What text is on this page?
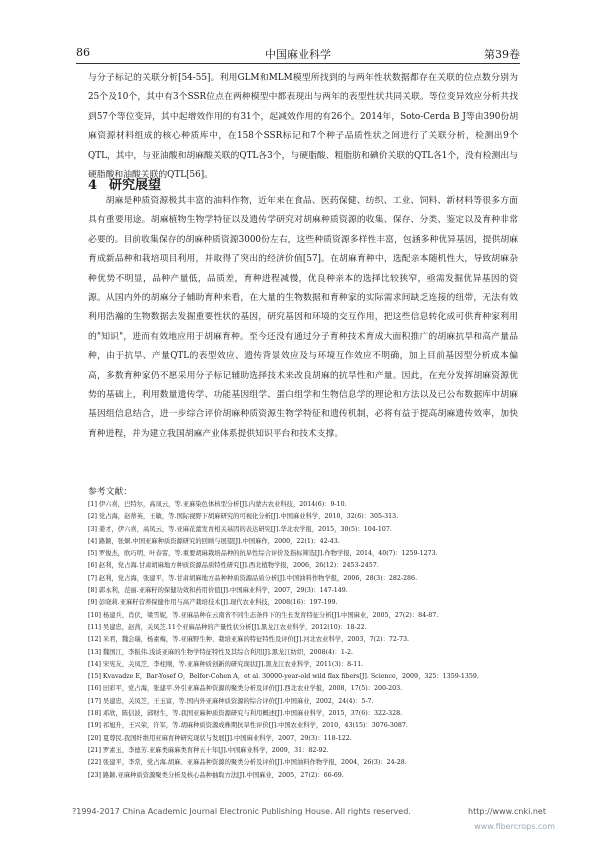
86	中国麻业科学	第39卷

与分子标记的关联分析[54-55]。利用GLM和MLM模型所找到的与两年性状数据都存在关联的位点数分别为25个及10个，其中有3个SSR位点在两种模型中都表现出与两年的表型性状共同关联。等位变异效应分析共找到57个等位变异，其中起增效作用的有31个，起减效作用的有26个。2014年，Soto-Cerda B J等由390份胡麻资源材料组成的核心种质库中，在158个SSR标记和7个种子品质性状之间进行了关联分析，检测出9个QTL，其中，与亚油酸和胡麻酸关联的QTL各3个，与硬脂酸、粗脂肪和碘价关联的QTL各1个，没有检测出与硬脂酸和油酸关联的QTL[56]。

4 研究展望

胡麻是种质资源极其丰富的油料作物，近年来在食品、医药保健、纺织、工业、饲料、新材料等很多方面具有重要用途。胡麻植物生物学特征以及遗传学研究对胡麻种质资源的收集、保存、分类、鉴定以及育种非常必要的。目前收集保存的胡麻种质资源3000份左右，这些种质资源多样性丰富，包涵多种优异基因，提供胡麻育成新品种和栽培项目利用，并取得了突出的经济价值[57]。在胡麻育种中，选配亲本随机性大，导致胡麻杂种优势不明显，品种产量低，品质差，育种进程减慢，优良种亲本的选择比较狭窄，亟需发掘优异基因的资源。从国内外的胡麻分子辅助育种来看，在大量的生物数据和育种家的实际需求间缺乏连接的纽带，无法有效利用浩瀚的生物数据去发掘重要性状的基因，研究基因和环境的交互作用，把这些信息转化成可供育种家利用的"知识"，进而有效地应用于胡麻育种。至今还没有通过分子育种技术育成大面积推广的胡麻抗旱和高产量品种，由于抗旱、产量QTL的表型效应、遗传背景效应及与环境互作效应不明确，加上目前基因型分析成本偏高，多数育种家仍不愿采用分子标记辅助选择技术来改良胡麻的抗旱性和产量。因此，在充分发挥胡麻资源优势的基础上，利用数量遗传学、功能基因组学、蛋白组学和生物信息学的理论和方法以及已公布数据库中胡麻基因组信息结合，进一步综合评价胡麻种质资源生物学特征和遗传机制，必将有益于提高胡麻遗传效率，加快育种进程，并为建立我国胡麻产业体系提供知识平台和技术支撑。

参考文献：
[1] 伊六喜，巴特尔，高凤云，等.亚麻染色体核型分析[J].内蒙古农业科技，2014(6)：9-10.
[2] 党占海，赵蒂英，王敏，等.国际视野下胡麻研究的可视化分析[J].中国麻业科学，2010，32(6)：305-313.
[3] 姜才，伊六喜，高凤云，等.亚麻花蕾发育相关基因的表达研究[J].华北农学报，2015，30(5)：104-107.
[4] 路颖，张炯.中国亚麻种质资源研究的回顾与展望[J].中国麻作，2000，22(1)：42-43.
[5] 罗俊杰，欧巧明，叶春雷，等.重要胡麻栽培品种的抗旱性综合评价及指标筛选[J].作物学报，2014，40(7)：1259-1273.
[6] 赵利，党占海.甘肃胡麻地方种质资源品质特性研究[J].西北植物学报，2006，26(12)：2453-2457.
[7] 赵利，党占海，张建平，等.甘肃胡麻地方品种种质资源品质分析[J].中国油料作物学报，2006，28(3)：282-286.
[8] 郭永利，范丽.亚麻籽的保健功效和药用价值[J].中国麻业科学，2007，29(3)：147-149.
[9] 彭晓莉.亚麻籽营养保健作用与高产栽培技术[J].现代农业科技，2008(16)：197-199.
[10] 杨建兵，肖伏，梁雪妮，等.亚麻品种在云南省不同生态条件下的生长发育特征分析[J].中国麻业，2005，27(2)：84-87.
[11] 吴建忠，赵茜，关凤芝.11个亚麻品种的产量性状分析[J].黑龙江农业科学，2012(10)：18-22.
[12] 米君，魏会瑞，杨素梅，等.亚麻野生种、栽培亚麻的特征特性及评价[J].河北农业科学，2003，7(2)：72-73.
[13] 魏国江，李振伟.浅谈亚麻的生物学特征特性及其综合利用[J].黑龙江纺织，2008(4)：1-2.
[14] 宋宪友，关凤芝，李柱刚，等.亚麻种质创新的研究现状[J].黑龙江农业科学，2011(3)：8-11.
[15] Kvavadze E，Bar-Yosef O，Belfer-Cohen A，et al. 30000-year-old wild flax fibers[J]. Science，2009，325：1359-1359.
[16] 田彩平，党占海，张建平.外引亚麻品种资源的聚类分析及评价[J].西北农业学报，2008，17(5)：200-203.
[17] 吴建忠，关凤芝，王玉富，等.国内外亚麻种质资源的综合评价[J].中国麻业，2002，24(4)：5-7.
[18] 邓欣，陈信波，邱财生，等.我国亚麻种质资源研究与利用概述[J].中国麻业科学，2015，37(6)：322-328.
[19] 祁旭升，王兴荣，许军，等.胡麻种质资源成株期抗旱性评价[J].中国农业科学，2010，43(15)：3076-3087.
[20] 夏尊民.我国纤维用亚麻育种研究现状与发展[J].中国麻业科学，2007，29(3)：118-122.
[21] 罗素玉，李德芳.亚麻类麻麻类育种五十年[J].中国麻业科学，2009，31：82-92.
[22] 张建平，李常，党占海.胡麻、亚麻品种资源的聚类分析及评价[J].中国油料作物学报，2004，26(3)：24-28.
[23] 路颖.亚麻种质资源聚类分析及核心品种抽取方法[J].中国麻业，2005，27(2)：66-69.
?1994-2017 China Academic Journal Electronic Publishing House. All rights reserved.	http://www.cnki.net
www.fibercrops.com
